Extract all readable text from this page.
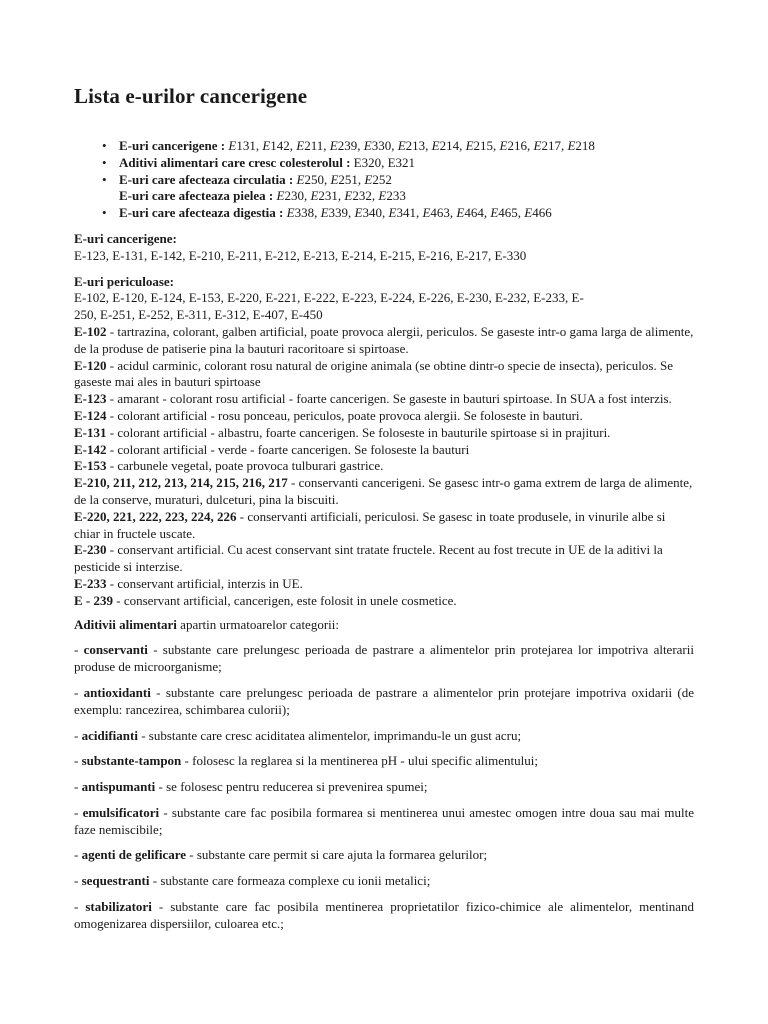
Lista e-urilor cancerigene
• E-uri cancerigene : E131, E142, E211, E239, E330, E213, E214, E215, E216, E217, E218
• Aditivi alimentari care cresc colesterolul : E320, E321
• E-uri care afecteaza circulatia : E250, E251, E252
E-uri care afecteaza pielea : E230, E231, E232, E233
• E-uri care afecteaza digestia : E338, E339, E340, E341, E463, E464, E465, E466

E-uri cancerigene:

E-123, E-131, E-142, E-210, E-211, E-212, E-213, E-214, E-215, E-216, E-217, E-330

E-uri periculoase:

E-102, E-120, E-124, E-153, E-220, E-221, E-222, E-223, E-224, E-226, E-230, E-232, E-233, E-
250, E-251, E-252, E-311, E-312, E-407, E-450

E-102 - tartrazina, colorant, galben artificial, poate provoca alergii, periculos. Se gaseste intr-o gama larga de alimente, de la produse de patiserie pina la bauturi racoritoare si spirtoase.

E-120 - acidul carminic, colorant rosu natural de origine animala (se obtine dintr-o specie de insecta), periculos. Se gaseste mai ales in bauturi spirtoase

E-123 - amarant - colorant rosu artificial - foarte cancerigen. Se gaseste in bauturi spirtoase. In SUA a fost interzis.

E-124 - colorant artificial - rosu ponceau, periculos, poate provoca alergii. Se foloseste in bauturi.

E-131 - colorant artificial - albastru, foarte cancerigen. Se foloseste in bauturile spirtoase si in prajituri.

E-142 - colorant artificial - verde - foarte cancerigen. Se foloseste la bauturi

E-153 - carbunele vegetal, poate provoca tulburari gastrice.

E-210, 211, 212, 213, 214, 215, 216, 217 - conservanti cancerigeni. Se gasesc intr-o gama extrem de larga de alimente, de la conserve, muraturi, dulceturi, pina la biscuiti.

E-220, 221, 222, 223, 224, 226 - conservanti artificiali, periculosi. Se gasesc in toate produsele, in vinurile albe si chiar in fructele uscate.

E-230 - conservant artificial. Cu acest conservant sint tratate fructele. Recent au fost trecute in UE de la aditivi la pesticide si interzise.

E-233 - conservant artificial, interzis in UE.

E - 239 - conservant artificial, cancerigen, este folosit in unele cosmetice.

Aditivii alimentari apartin urmatoarelor categorii:

- conservanti - substante care prelungesc perioada de pastrare a alimentelor prin protejarea lor impotriva alterarii produse de microorganisme;

- antioxidanti - substante care prelungesc perioada de pastrare a alimentelor prin protejare impotriva oxidarii (de exemplu: rancezirea, schimbarea culorii);

- acidifianti - substante care cresc aciditatea alimentelor, imprimandu-le un gust acru;

- substante-tampon - folosesc la reglarea si la mentinerea pH - ului specific alimentului;

- antispumanti - se folosesc pentru reducerea si prevenirea spumei;

- emulsificatori - substante care fac posibila formarea si mentinerea unui amestec omogen intre doua sau mai multe faze nemiscibile;

- agenti de gelificare - substante care permit si care ajuta la formarea gelurilor;

- sequestranti - substante care formeaza complexe cu ionii metalici;

- stabilizatori - substante care fac posibila mentinerea proprietatilor fizico-chimice ale alimentelor, mentinand omogenizarea dispersiilor, culoarea etc.;
